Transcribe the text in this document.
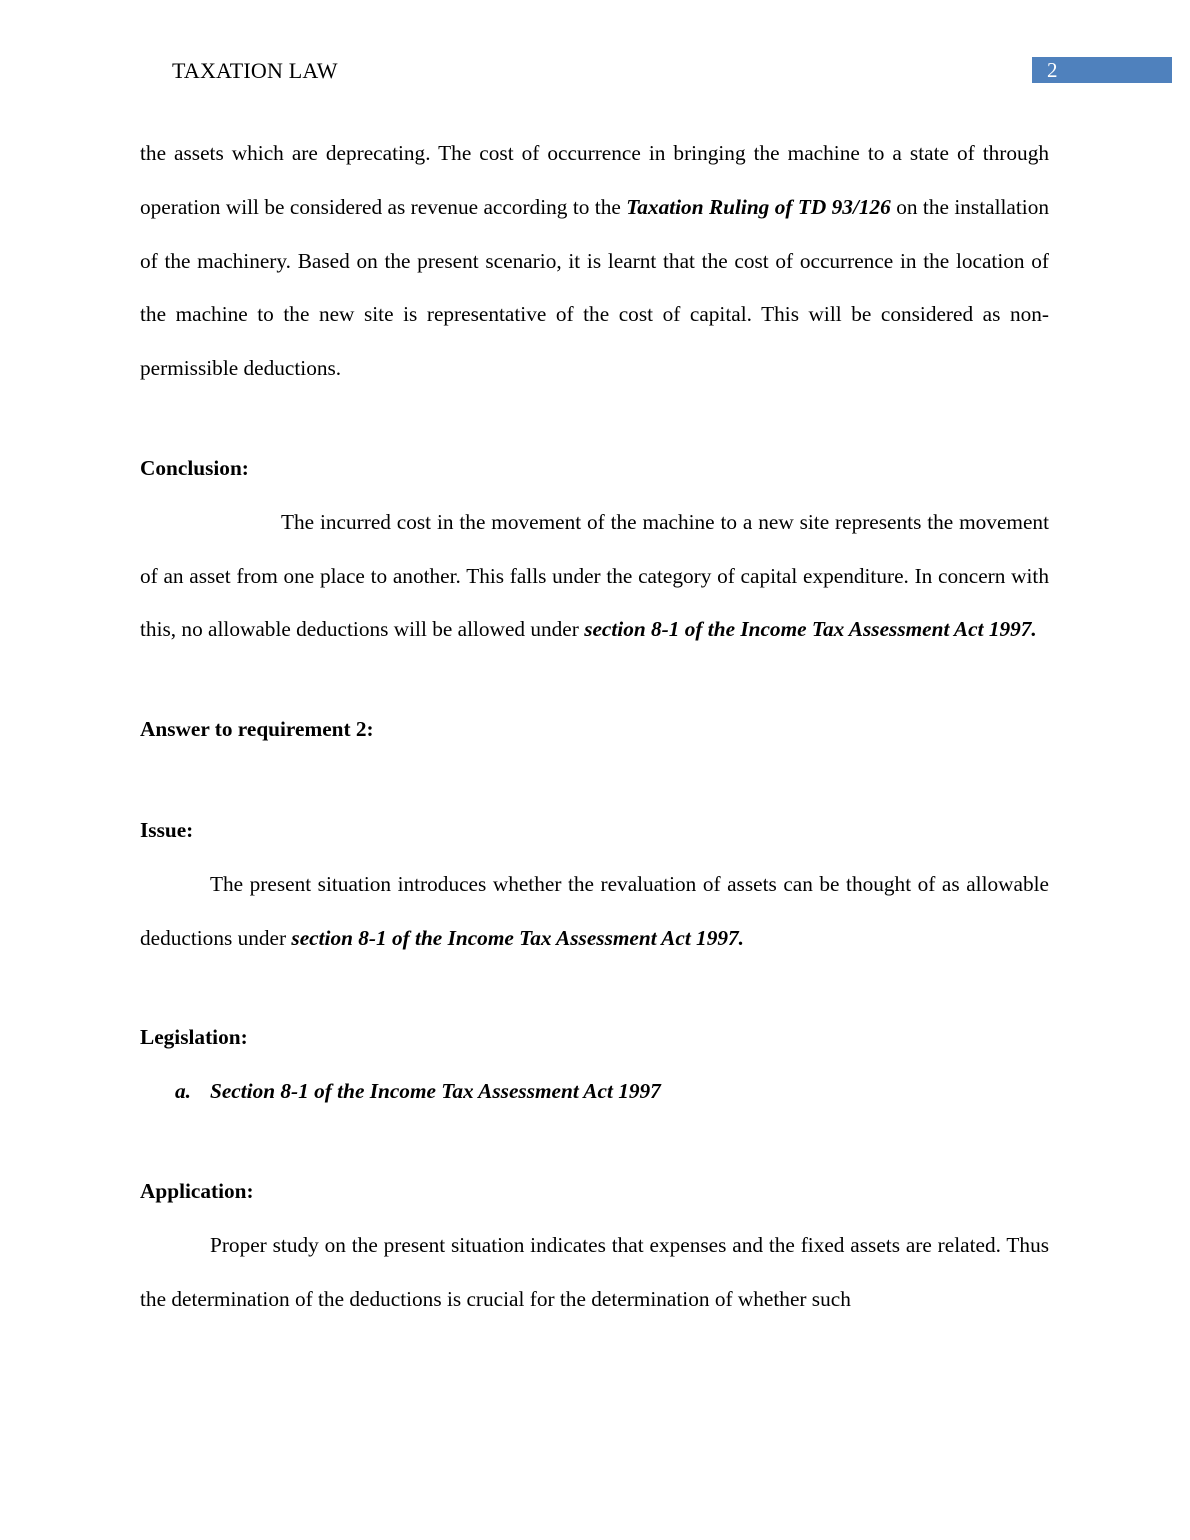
TAXATION LAW	2

the assets which are deprecating. The cost of occurrence in bringing the machine to a state of through operation will be considered as revenue according to the Taxation Ruling of TD 93/126 on the installation of the machinery. Based on the present scenario, it is learnt that the cost of occurrence in the location of the machine to the new site is representative of the cost of capital. This will be considered as non-permissible deductions.

Conclusion:

The incurred cost in the movement of the machine to a new site represents the movement of an asset from one place to another. This falls under the category of capital expenditure. In concern with this, no allowable deductions will be allowed under section 8-1 of the Income Tax Assessment Act 1997.

Answer to requirement 2:
Issue:

The present situation introduces whether the revaluation of assets can be thought of as allowable deductions under section 8-1 of the Income Tax Assessment Act 1997.

Legislation:
a. Section 8-1 of the Income Tax Assessment Act 1997
Application:

Proper study on the present situation indicates that expenses and the fixed assets are related. Thus the determination of the deductions is crucial for the determination of whether such
